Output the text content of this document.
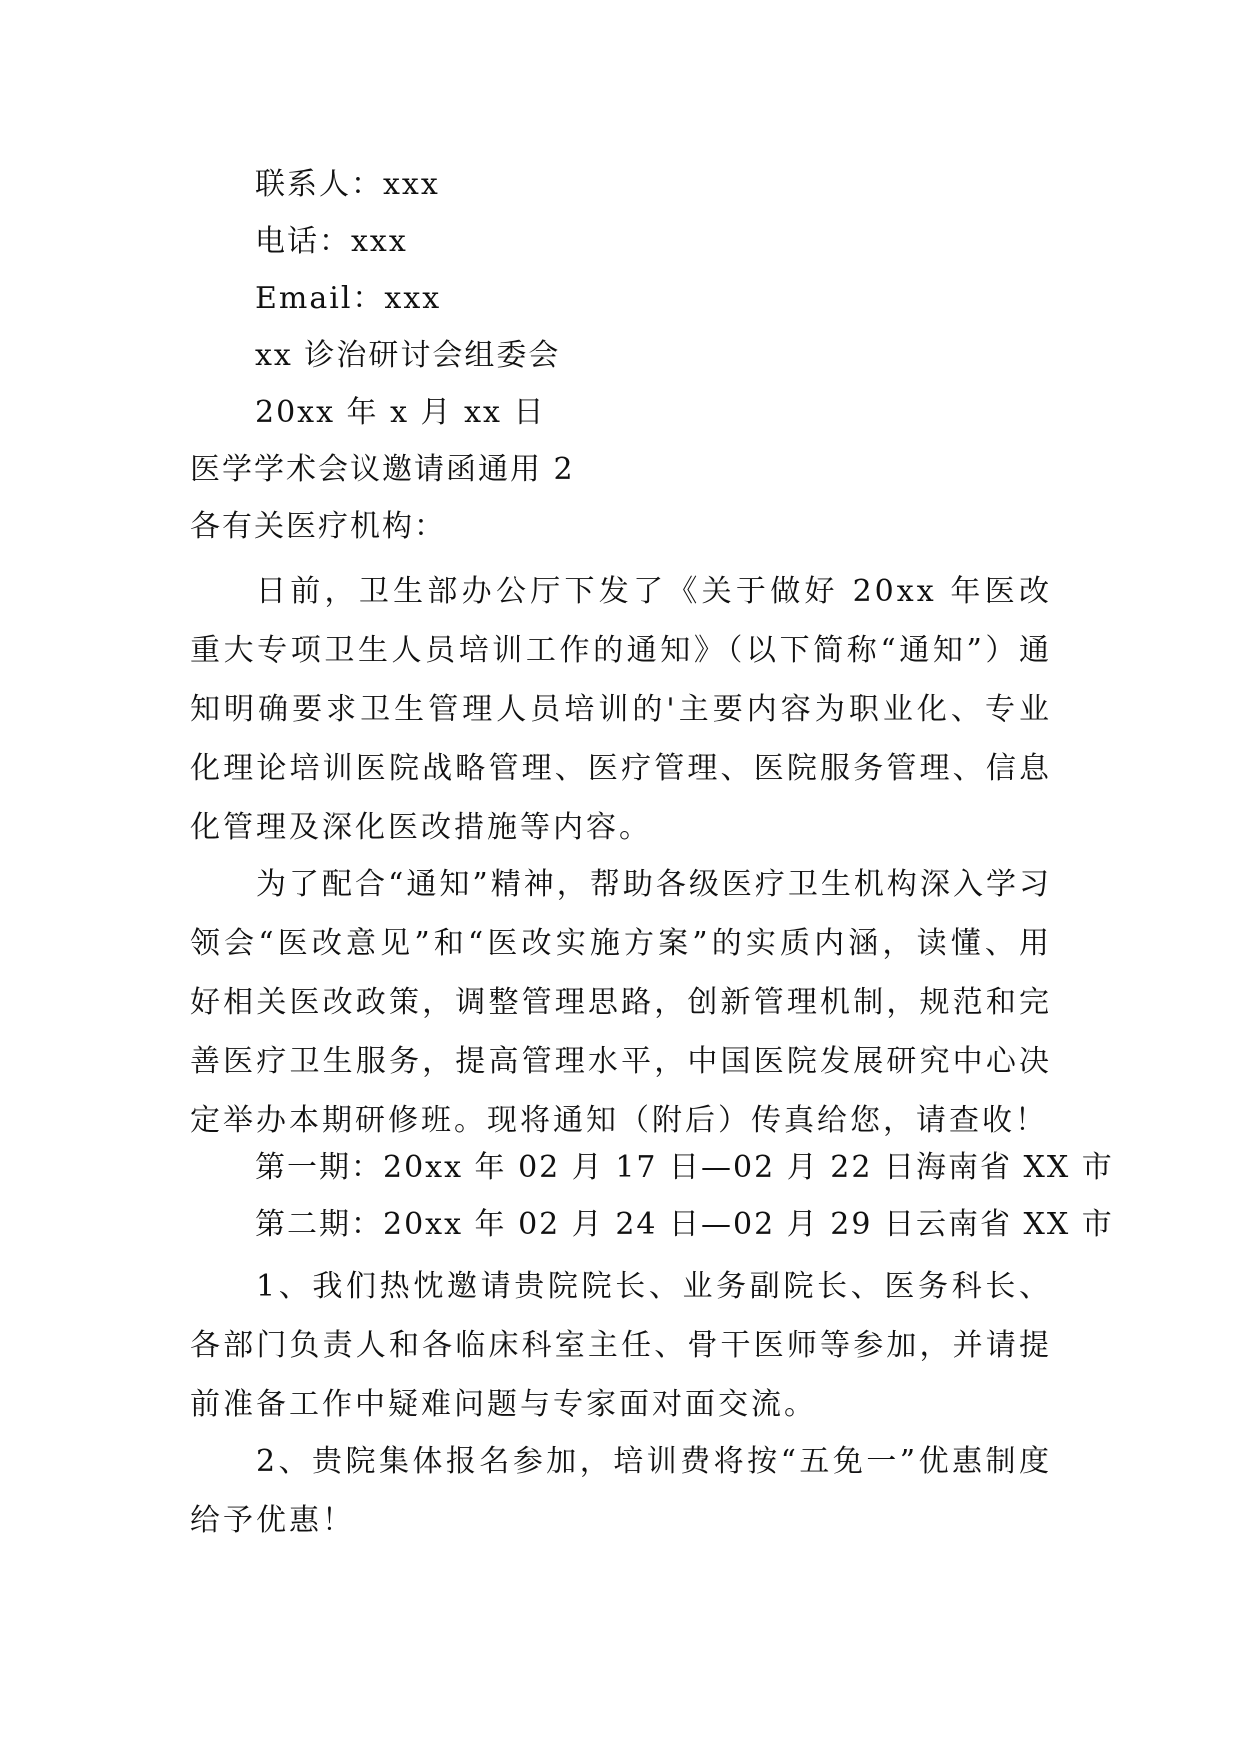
联系人：xxx
电话：xxx
Email：xxx
xx 诊治研讨会组委会
20xx 年 x 月 xx 日
医学学术会议邀请函通用 2
各有关医疗机构：
日前，卫生部办公厅下发了《关于做好 20xx 年医改重大专项卫生人员培训工作的通知》（以下简称“通知”）通知明确要求卫生管理人员培训的'主要内容为职业化、专业化理论培训医院战略管理、医疗管理、医院服务管理、信息化管理及深化医改措施等内容。
为了配合“通知”精神，帮助各级医疗卫生机构深入学习领会“医改意见”和“医改实施方案”的实质内涵，读懂、用好相关医改政策，调整管理思路，创新管理机制，规范和完善医疗卫生服务，提高管理水平，中国医院发展研究中心决定举办本期研修班。现将通知（附后）传真给您，请查收！
第一期：20xx 年 02 月 17 日—02 月 22 日海南省 XX 市
第二期：20xx 年 02 月 24 日—02 月 29 日云南省 XX 市
1、我们热忱邀请贵院院长、业务副院长、医务科长、各部门负责人和各临床科室主任、骨干医师等参加，并请提前准备工作中疑难问题与专家面对面交流。
2、贵院集体报名参加，培训费将按“五免一”优惠制度给予优惠！
